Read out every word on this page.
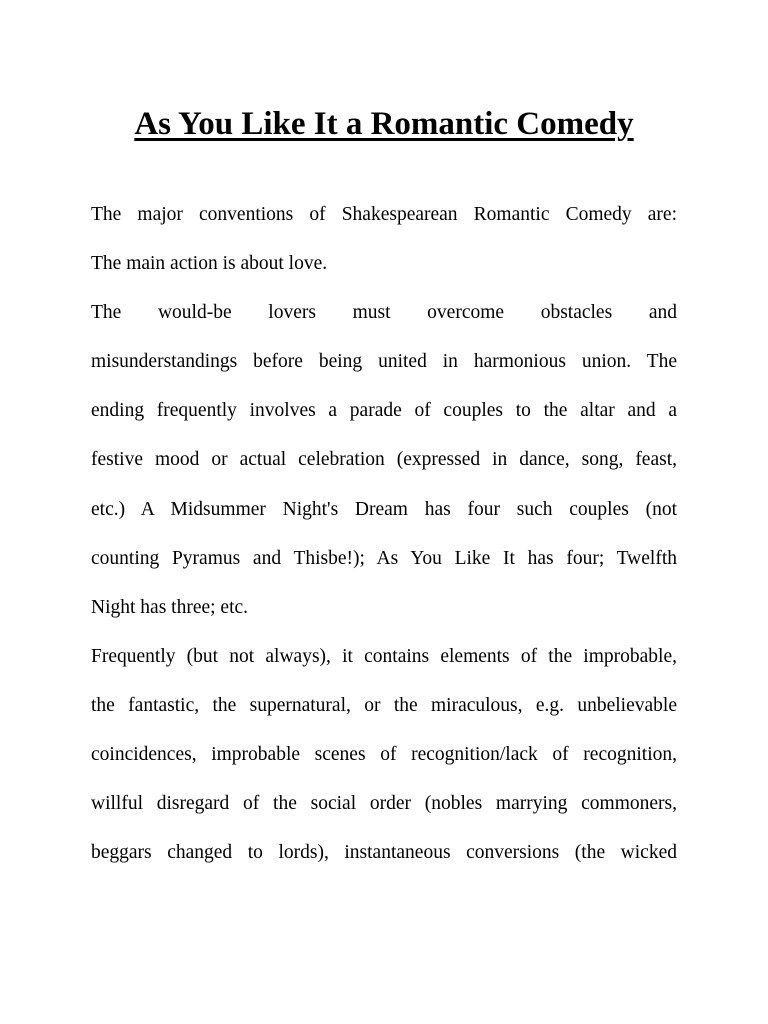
As You Like It a Romantic Comedy
The major conventions of Shakespearean Romantic Comedy are:
The main action is about love.
The would-be lovers must overcome obstacles and
misunderstandings before being united in harmonious union. The
ending frequently involves a parade of couples to the altar and a
festive mood or actual celebration (expressed in dance, song, feast,
etc.) A Midsummer Night's Dream has four such couples (not
counting Pyramus and Thisbe!); As You Like It has four; Twelfth
Night has three; etc.
Frequently (but not always), it contains elements of the improbable,
the fantastic, the supernatural, or the miraculous, e.g. unbelievable
coincidences, improbable scenes of recognition/lack of recognition,
willful disregard of the social order (nobles marrying commoners,
beggars changed to lords), instantaneous conversions (the wicked
